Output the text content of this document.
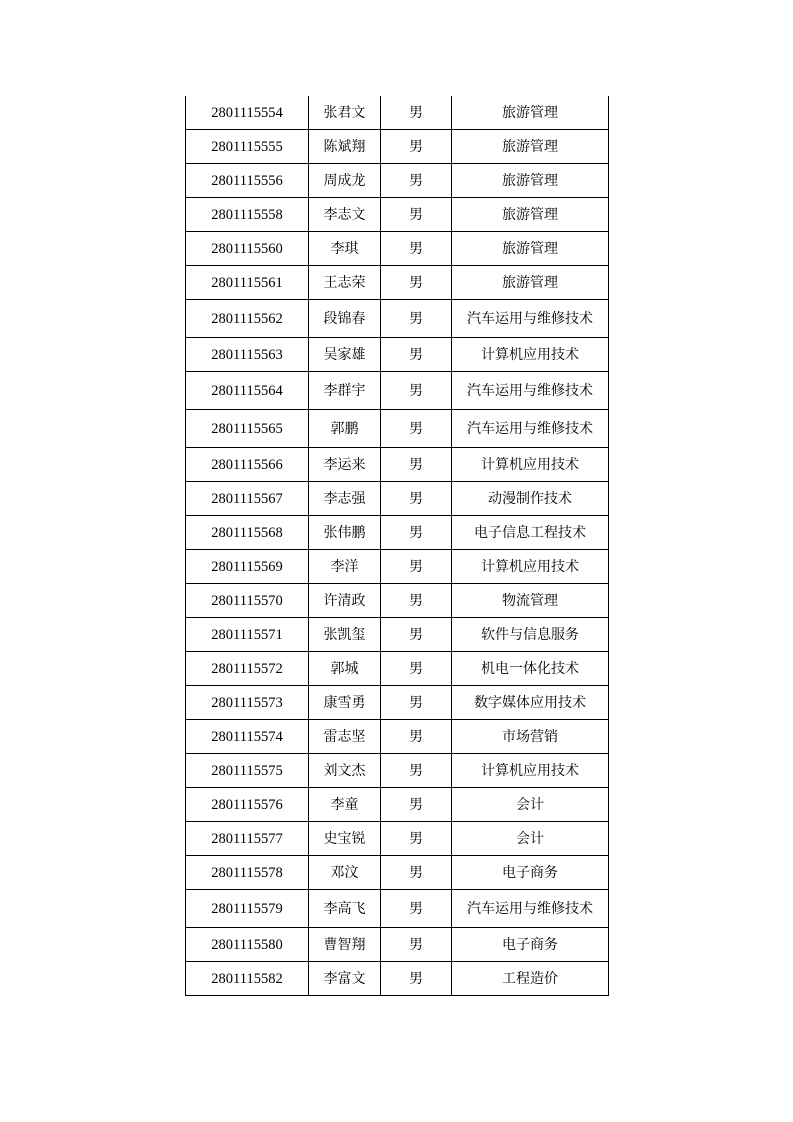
2801115554	张君文	男	旅游管理
2801115555	陈斌翔	男	旅游管理
2801115556	周成龙	男	旅游管理
2801115558	李志文	男	旅游管理
2801115560	李琪	男	旅游管理
2801115561	王志荣	男	旅游管理
2801115562	段锦春	男	汽车运用与维修技术
2801115563	吴家雄	男	计算机应用技术
2801115564	李群宇	男	汽车运用与维修技术
2801115565	郭鹏	男	汽车运用与维修技术
2801115566	李运来	男	计算机应用技术
2801115567	李志强	男	动漫制作技术
2801115568	张伟鹏	男	电子信息工程技术
2801115569	李洋	男	计算机应用技术
2801115570	许清政	男	物流管理
2801115571	张凯玺	男	软件与信息服务
2801115572	郭城	男	机电一体化技术
2801115573	康雪勇	男	数字媒体应用技术
2801115574	雷志坚	男	市场营销
2801115575	刘文杰	男	计算机应用技术
2801115576	李童	男	会计
2801115577	史宝锐	男	会计
2801115578	邓汶	男	电子商务
2801115579	李高飞	男	汽车运用与维修技术
2801115580	曹智翔	男	电子商务
2801115582	李富文	男	工程造价
